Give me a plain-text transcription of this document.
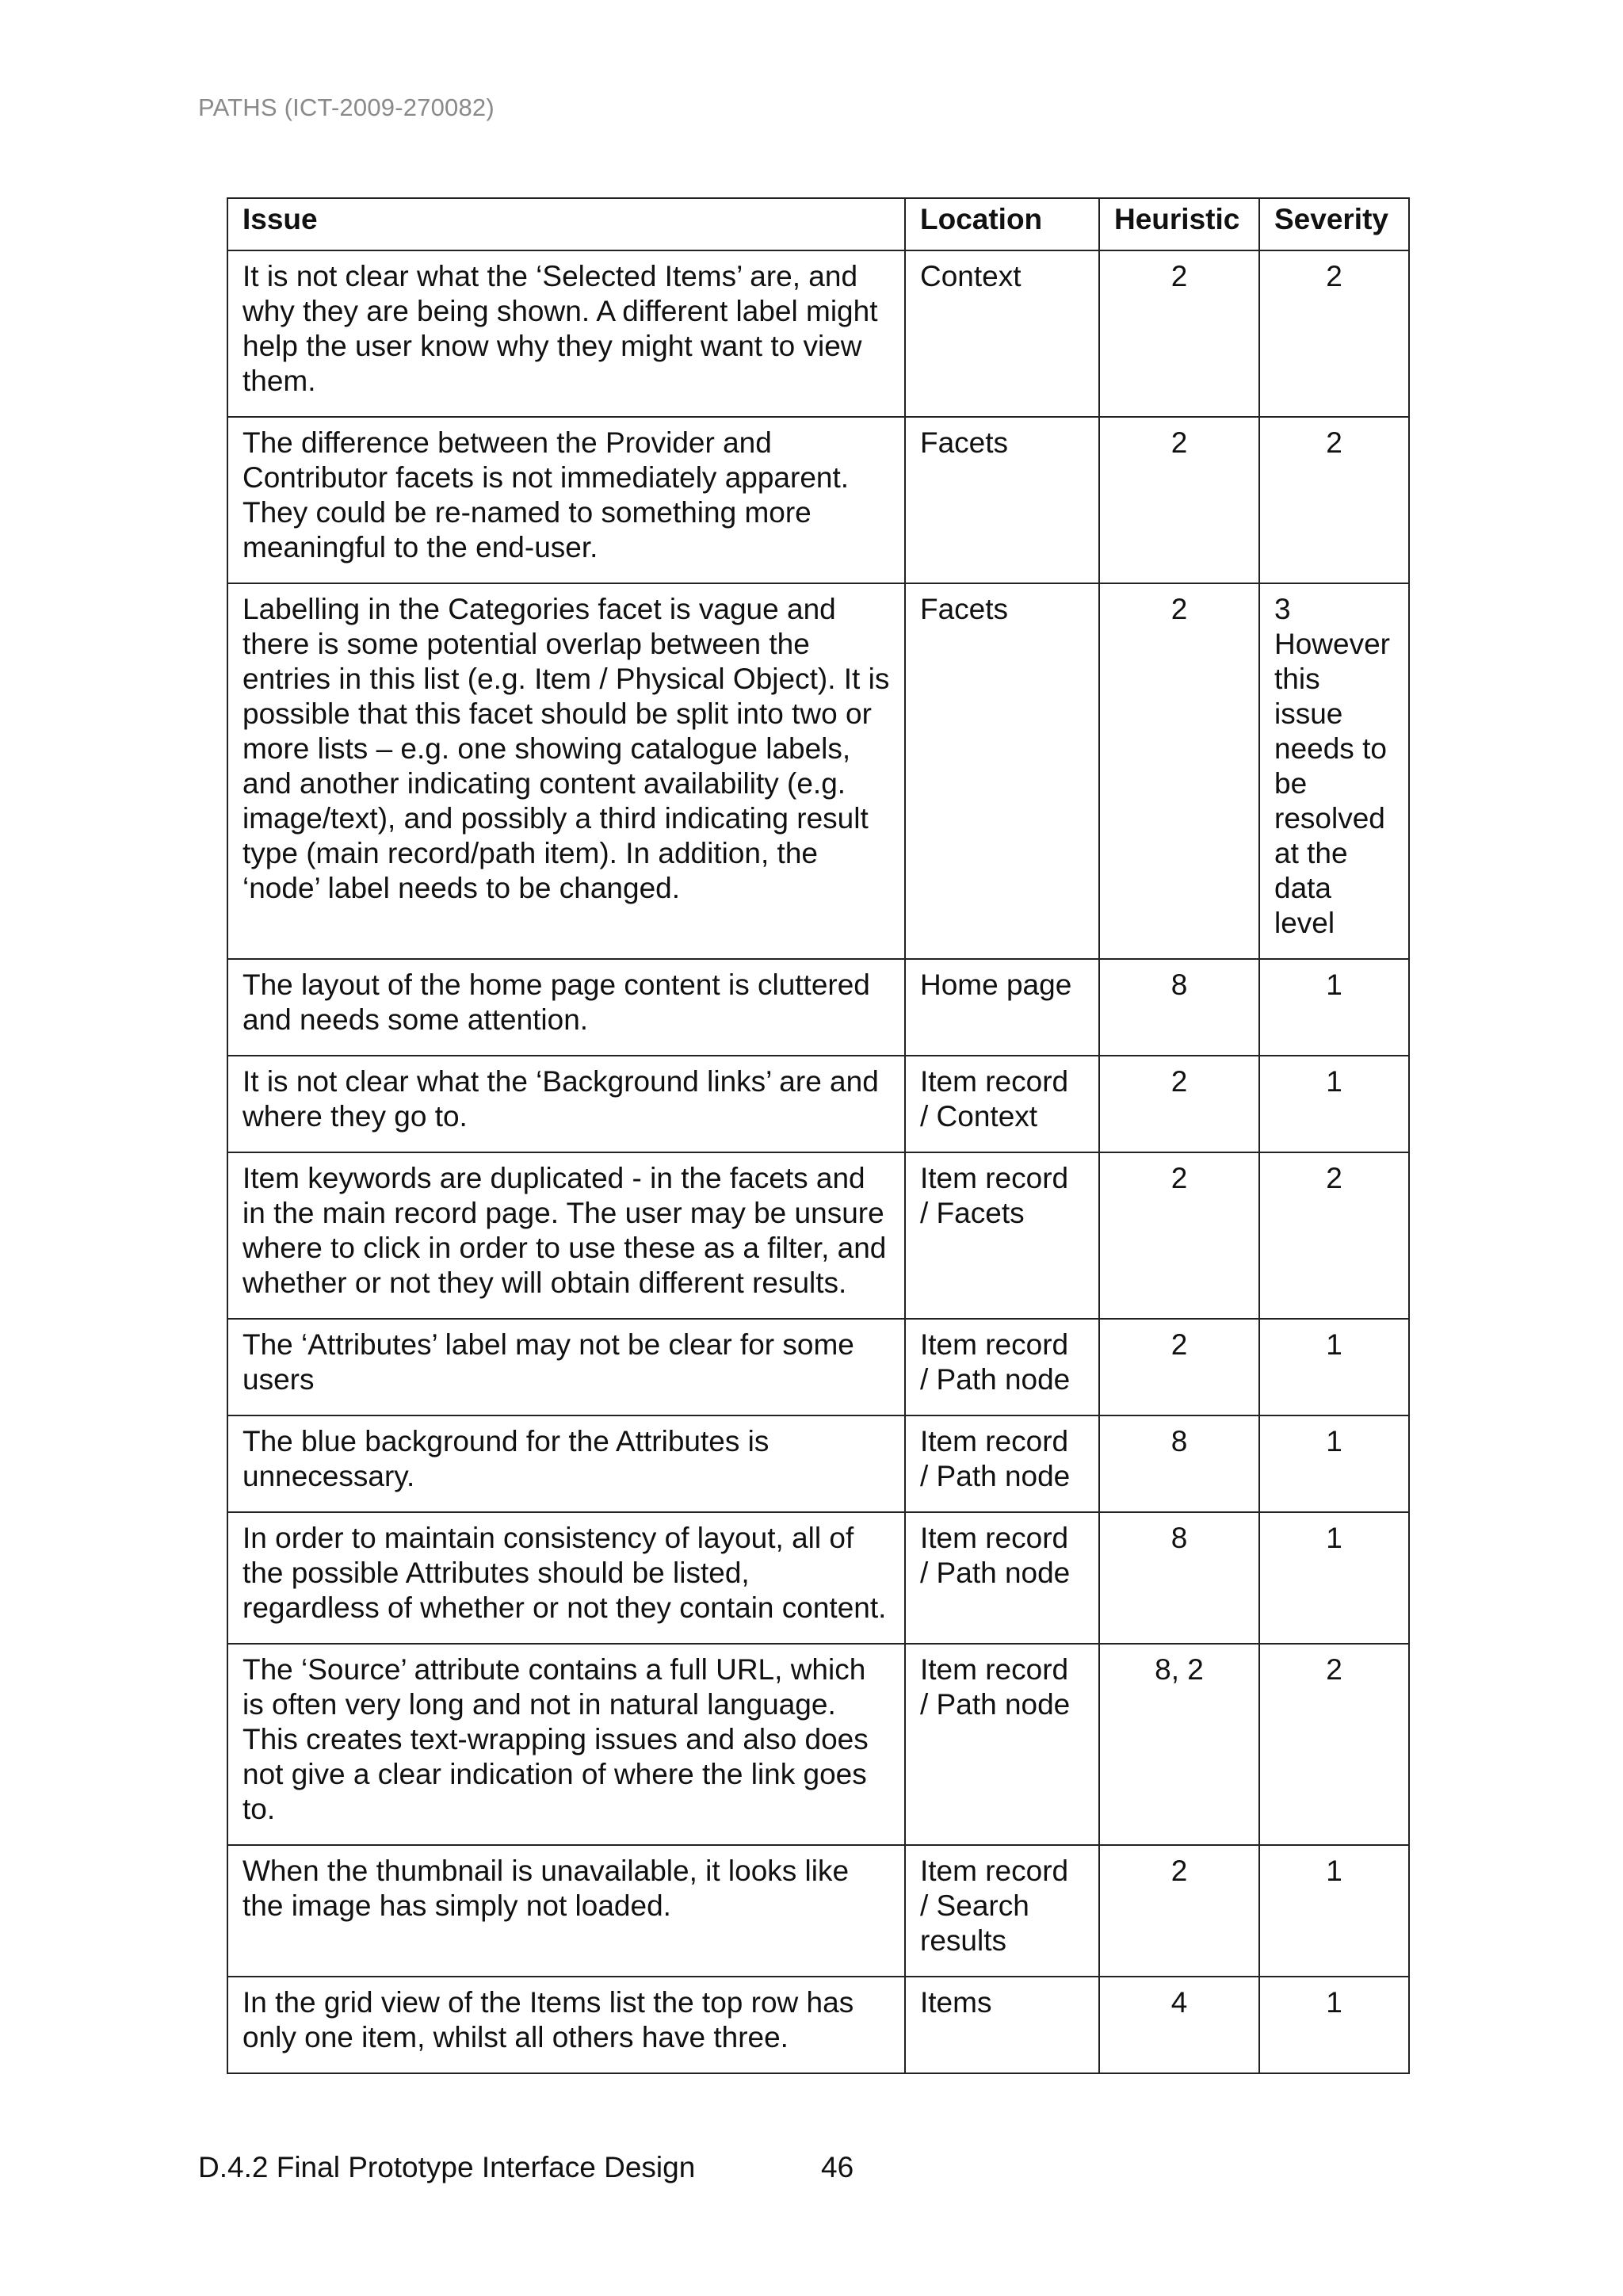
PATHS (ICT-2009-270082)
Issue	Location	Heuristic	Severity
It is not clear what the ‘Selected Items’ are, and why they are being shown. A different label might help the user know why they might want to view them.	Context	2	2
The difference between the Provider and Contributor facets is not immediately apparent. They could be re-named to something more meaningful to the end-user.	Facets	2	2
Labelling in the Categories facet is vague and there is some potential overlap between the entries in this list (e.g. Item / Physical Object). It is possible that this facet should be split into two or more lists – e.g. one showing catalogue labels, and another indicating content availability (e.g. image/text), and possibly a third indicating result type (main record/path item). In addition, the ‘node’ label needs to be changed.	Facets	2	3 However this issue needs to be resolved at the data level
The layout of the home page content is cluttered and needs some attention.	Home page	8	1
It is not clear what the ‘Background links’ are and where they go to.	Item record / Context	2	1
Item keywords are duplicated - in the facets and in the main record page. The user may be unsure where to click in order to use these as a filter, and whether or not they will obtain different results.	Item record / Facets	2	2
The ‘Attributes’ label may not be clear for some users	Item record / Path node	2	1
The blue background for the Attributes is unnecessary.	Item record / Path node	8	1
In order to maintain consistency of layout, all of the possible Attributes should be listed, regardless of whether or not they contain content.	Item record / Path node	8	1
The ‘Source’ attribute contains a full URL, which is often very long and not in natural language. This creates text-wrapping issues and also does not give a clear indication of where the link goes to.	Item record / Path node	8, 2	2
When the thumbnail is unavailable, it looks like the image has simply not loaded.	Item record / Search results	2	1
In the grid view of the Items list the top row has only one item, whilst all others have three.	Items	4	1
D.4.2 Final Prototype Interface Design	46
